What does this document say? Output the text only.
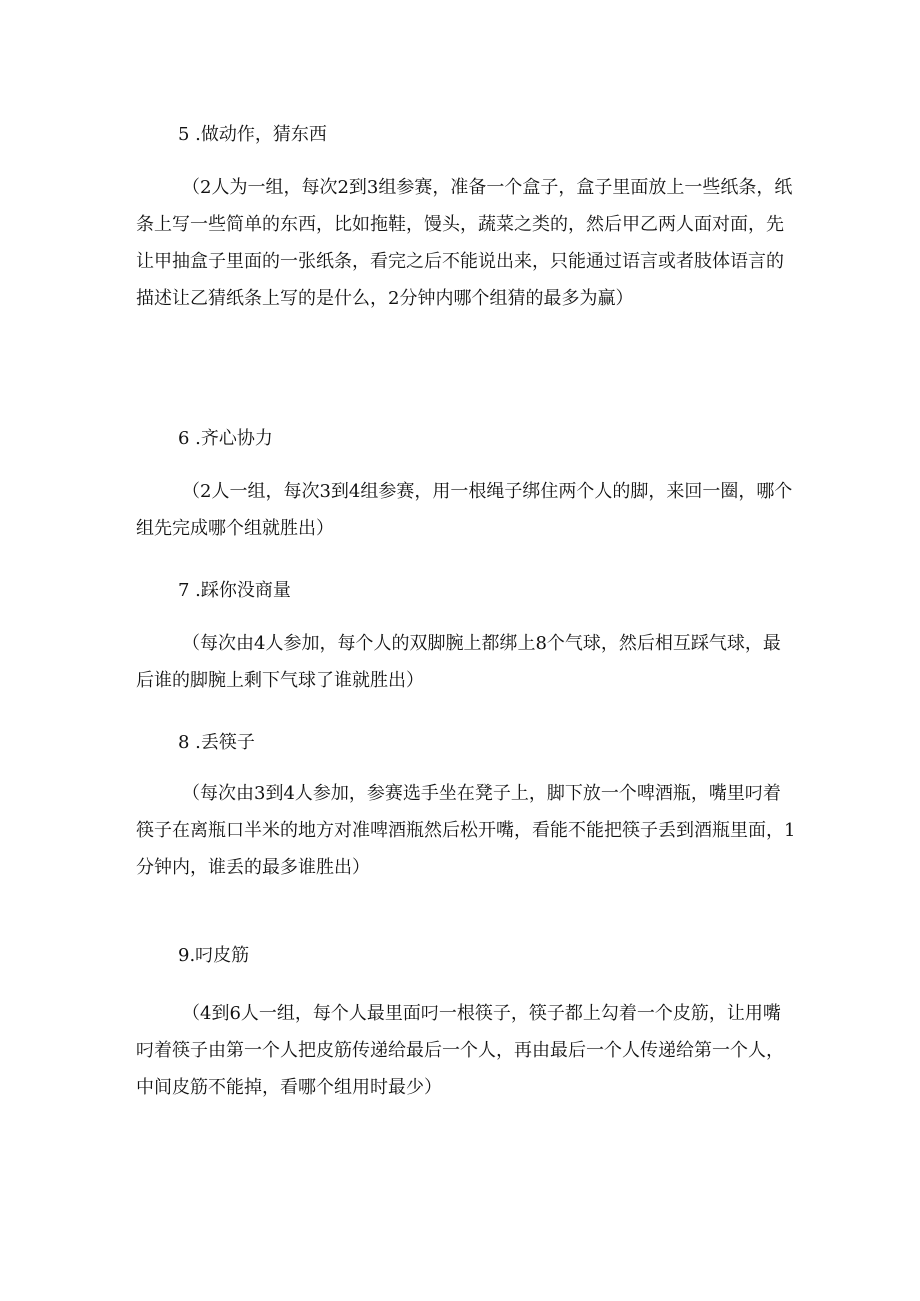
5 .做动作，猜东西

（2人为一组，每次2到3组参赛，准备一个盒子，盒子里面放上一些纸条，纸条上写一些简单的东西，比如拖鞋，馒头，蔬菜之类的，然后甲乙两人面对面，先让甲抽盒子里面的一张纸条，看完之后不能说出来，只能通过语言或者肢体语言的描述让乙猜纸条上写的是什么，2分钟内哪个组猜的最多为赢）

6 .齐心协力

（2人一组，每次3到4组参赛，用一根绳子绑住两个人的脚，来回一圈，哪个组先完成哪个组就胜出）

7 .踩你没商量

（每次由4人参加，每个人的双脚腕上都绑上8个气球，然后相互踩气球，最后谁的脚腕上剩下气球了谁就胜出）

8 .丢筷子

（每次由3到4人参加，参赛选手坐在凳子上，脚下放一个啤酒瓶，嘴里叼着筷子在离瓶口半米的地方对准啤酒瓶然后松开嘴，看能不能把筷子丢到酒瓶里面，1分钟内，谁丢的最多谁胜出）

9.叼皮筋

（4到6人一组，每个人最里面叼一根筷子，筷子都上勾着一个皮筋，让用嘴叼着筷子由第一个人把皮筋传递给最后一个人，再由最后一个人传递给第一个人，中间皮筋不能掉，看哪个组用时最少）
